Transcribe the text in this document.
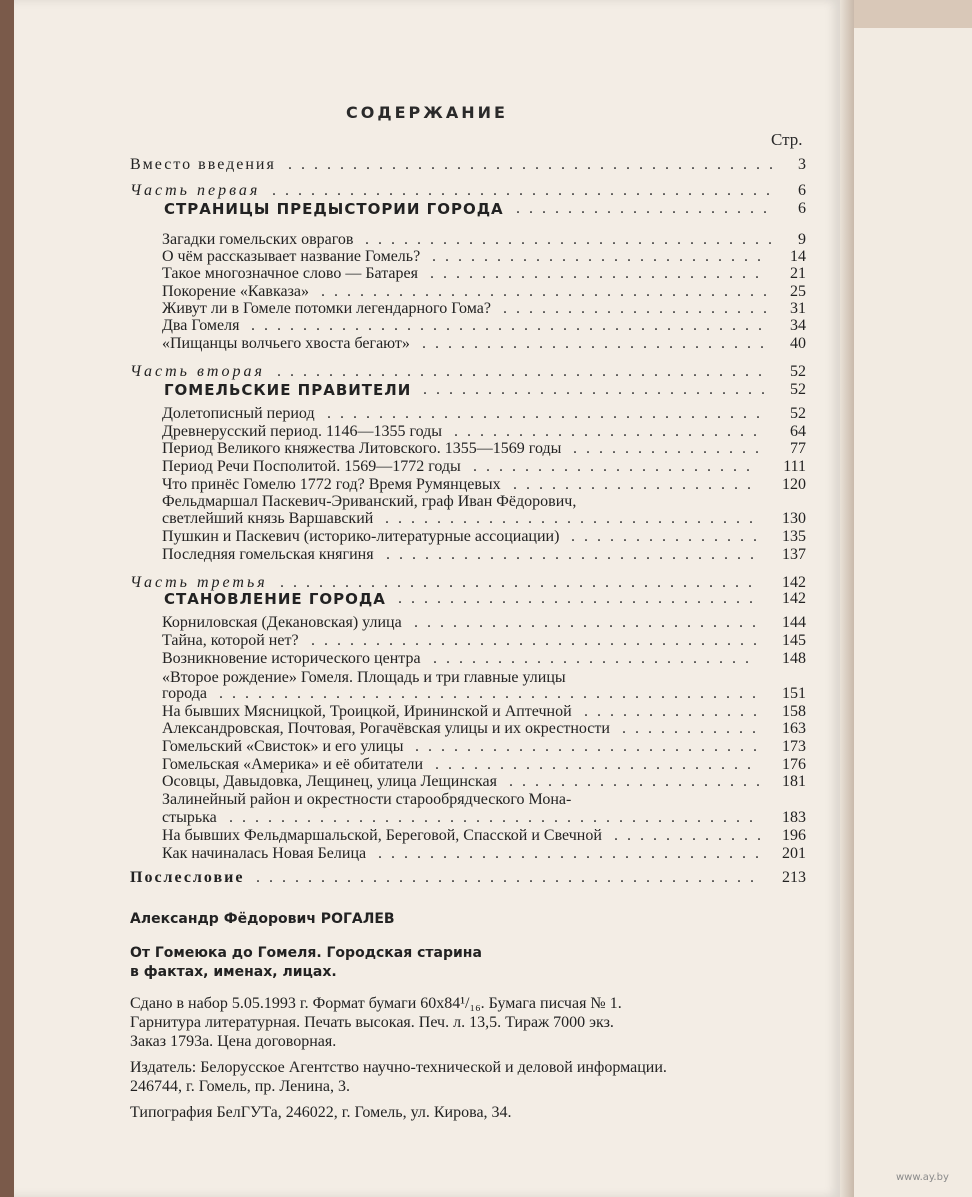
СОДЕРЖАНИЕ
Стр.
Вместо введения ...................................... 3
Часть первая .......................................	6
СТРАНИЦЫ ПРЕДЫСТОРИИ ГОРОДА ....................	6
Загадки гомельских оврагов ................................	9
О чём рассказывает название Гомель? ..........................	14
Такое многозначное слово — Батарея ..........................	21
Покорение «Кавказа» ................................... 25
Живут ли в Гомеле потомки легендарного Гома? ..................... 31
Два Гомеля ........................................	34
«Пищанцы волчьего хвоста бегают» ...........................	40
Часть вторая ......................................	52
ГОМЕЛЬСКИЕ ПРАВИТЕЛИ ........................... 52
Долетописный период ..................................	52
Древнерусский период. 1146—1355 годы ........................	64
Период Великого княжества Литовского. 1355—1569 годы ...............	77
Период Речи Посполитой. 1569—1772 годы ......................	111
Что принёс Гомелю 1772 год? Время Румянцевых ...................	120
Фельдмаршал Паскевич-Эриванский, граф Иван Фёдорович,
светлейший князь Варшавский .............................	130
Пушкин и Паскевич (историко-литературные ассоциации) ............... 135
Последняя гомельская княгиня .............................	137
Часть третья .....................................	142
СТАНОВЛЕНИЕ ГОРОДА ............................	142
Корниловская (Декановская) улица ...........................	144
Тайна, которой нет? ................................... 145
Возникновение исторического центра .........................	148
«Второе рождение» Гомеля. Площадь и три главные улицы
города ..........................................	151
На бывших Мясницкой, Троицкой, Ирининской и Аптечной .............. 158
Александровская, Почтовая, Рогачёвская улицы и их окрестности ...........	163
Гомельский «Свисток» и его улицы ........................... 173
Гомельская «Америка» и её обитатели .........................	176
Осовцы, Давыдовка, Лещинец, улица Лещинская .................... 181
Залинейный район и окрестности старообрядческого Мона-
стырька .........................................	183
На бывших Фельдмаршальской, Береговой, Спасской и Свечной ............ 196
Как начиналась Новая Белица .............................. 201
Послесловие .......................................	213
Александр Фёдорович РОГАЛЕВ
От Гомеюка до Гомеля. Городская старина
в фактах, именах, лицах.
Сдано в набор 5.05.1993 г. Формат бумаги 60x84¹/₁₆. Бумага писчая № 1.
Гарнитура литературная. Печать высокая. Печ. л. 13,5. Тираж 7000 экз.
Заказ 1793а. Цена договорная.
Издатель: Белорусское Агентство научно-технической и деловой информации.
246744, г. Гомель, пр. Ленина, 3.
Типография БелГУТа, 246022, г. Гомель, ул. Кирова, 34.
www.ay.by
